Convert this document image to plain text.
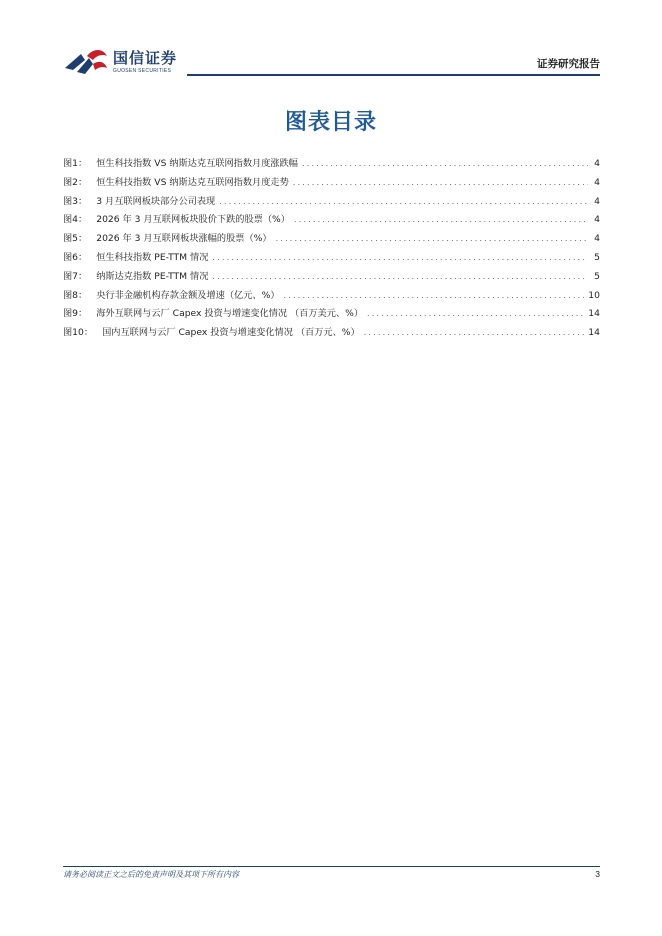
国信证券
GUOSEN SECURITIES
证券研究报告
图表目录
图1： 恒生科技指数 VS 纳斯达克互联网指数月度涨跌幅 .....	4
图2： 恒生科技指数 VS 纳斯达克互联网指数月度走势 .....	4
图3： 3 月互联网板块部分公司表现 .....	4
图4： 2026 年 3 月互联网板块股价下跌的股票（%） .....	4
图5： 2026 年 3 月互联网板块涨幅的股票（%） .....	4
图6： 恒生科技指数 PE-TTM 情况 .....	5
图7： 纳斯达克指数 PE-TTM 情况 .....	5
图8： 央行非金融机构存款金额及增速（亿元、%） .....	10
图9： 海外互联网与云厂 Capex 投资与增速变化情况 （百万美元、%） .....	14
图10： 国内互联网与云厂 Capex 投资与增速变化情况 （百万元、%） .....	14
请务必阅读正文之后的免责声明及其项下所有内容	3
